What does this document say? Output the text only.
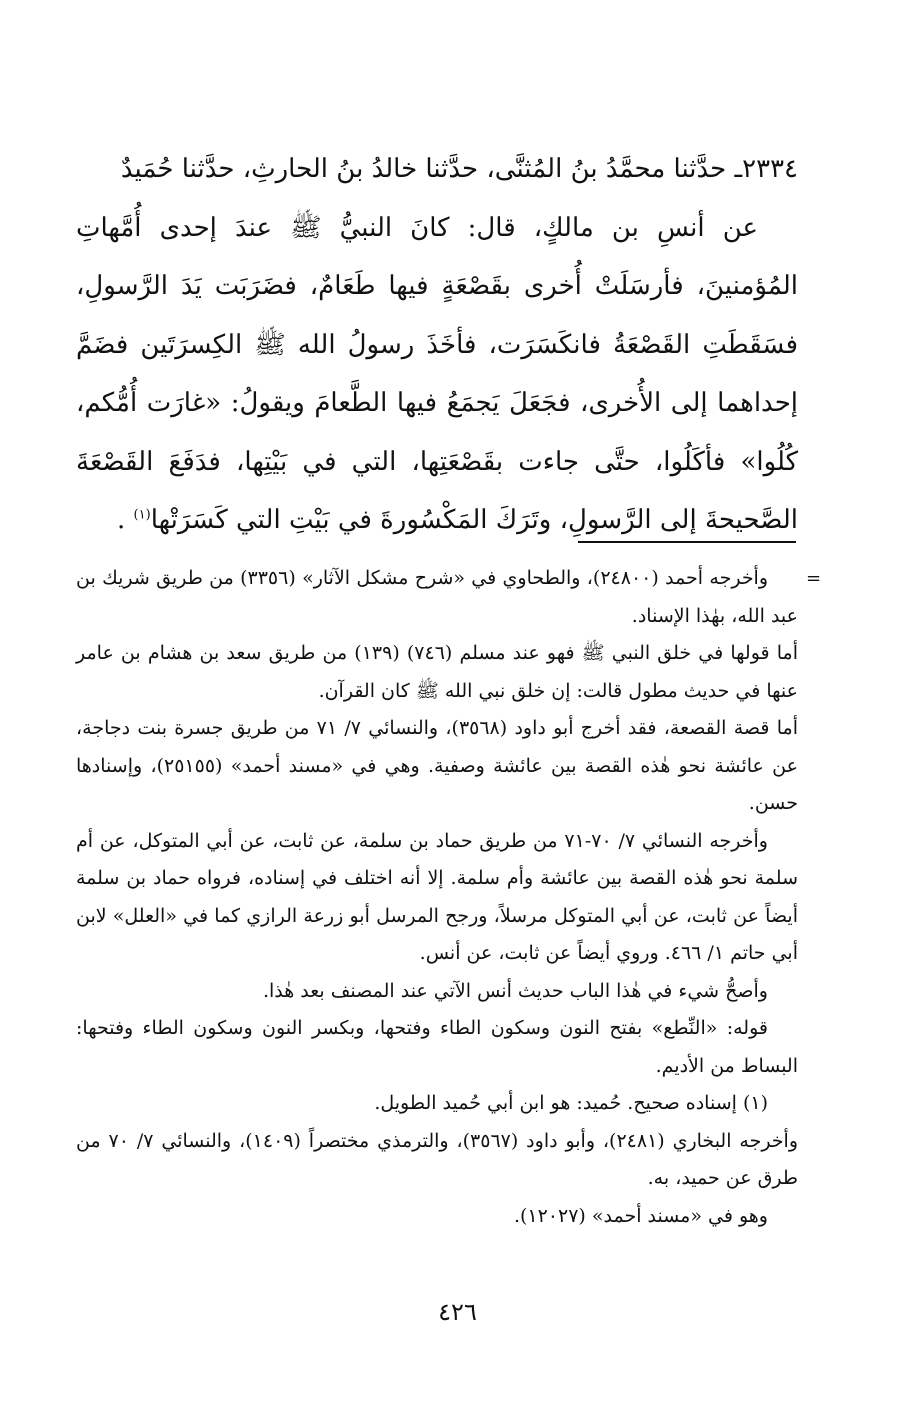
٢٣٣٤ـ حدَّثنا محمَّدُ بنُ المُثنَّى، حدَّثنا خالدُ بنُ الحارثِ، حدَّثنا حُمَيدٌ

عن أنسِ بن مالكٍ، قال: كانَ النبيُّ ﷺ عندَ إحدى أُمَّهاتِ المُؤمنينَ، فأرسَلَتْ أُخرى بقَصْعَةٍ فيها طَعَامٌ، فضَرَبَت يَدَ الرَّسولِ، فسَقَطَتِ القَصْعَةُ فانكَسَرَت، فأخَذَ رسولُ الله ﷺ الكِسرَتَين فضَمَّ إحداهما إلى الأُخرى، فجَعَلَ يَجمَعُ فيها الطَّعامَ ويقولُ: «غارَت أُمُّكم، كُلُوا» فأكَلُوا، حتَّى جاءت بقَصْعَتِها، التي في بَيْتِها، فدَفَعَ القَصْعَةَ الصَّحيحةَ إلى الرَّسولِ، وتَرَكَ المَكْسُورةَ في بَيْتِ التي كَسَرَتْها$^{(١)}$ .

=

وأخرجه أحمد (٢٤٨٠٠)، والطحاوي في «شرح مشكل الآثار» (٣٣٥٦) من طريق شريك بن عبد الله، بهٰذا الإسناد.

أما قولها في خلق النبي ﷺ فهو عند مسلم (٧٤٦) (١٣٩) من طريق سعد بن هشام بن عامر عنها في حديث مطول قالت: إن خلق نبي الله ﷺ كان القرآن.

أما قصة القصعة، فقد أخرج أبو داود (٣٥٦٨)، والنسائي ٧/ ٧١ من طريق جسرة بنت دجاجة، عن عائشة نحو هٰذه القصة بين عائشة وصفية. وهي في «مسند أحمد» (٢٥١٥٥)، وإسنادها حسن.

وأخرجه النسائي ٧/ ٧٠-٧١ من طريق حماد بن سلمة، عن ثابت، عن أبي المتوكل، عن أم سلمة نحو هٰذه القصة بين عائشة وأم سلمة. إلا أنه اختلف في إسناده، فرواه حماد بن سلمة أيضاً عن ثابت، عن أبي المتوكل مرسلاً، ورجح المرسل أبو زرعة الرازي كما في «العلل» لابن أبي حاتم ١/ ٤٦٦. وروي أيضاً عن ثابت، عن أنس.

وأصحُّ شيء في هٰذا الباب حديث أنس الآتي عند المصنف بعد هٰذا.

قوله: «النِّطع» بفتح النون وسكون الطاء وفتحها، وبكسر النون وسكون الطاء وفتحها: البساط من الأديم.

(١) إسناده صحيح. حُميد: هو ابن أبي حُميد الطويل.

وأخرجه البخاري (٢٤٨١)، وأبو داود (٣٥٦٧)، والترمذي مختصراً (١٤٠٩)، والنسائي ٧/ ٧٠ من طرق عن حميد، به.

وهو في «مسند أحمد» (١٢٠٢٧).

٤٢٦
